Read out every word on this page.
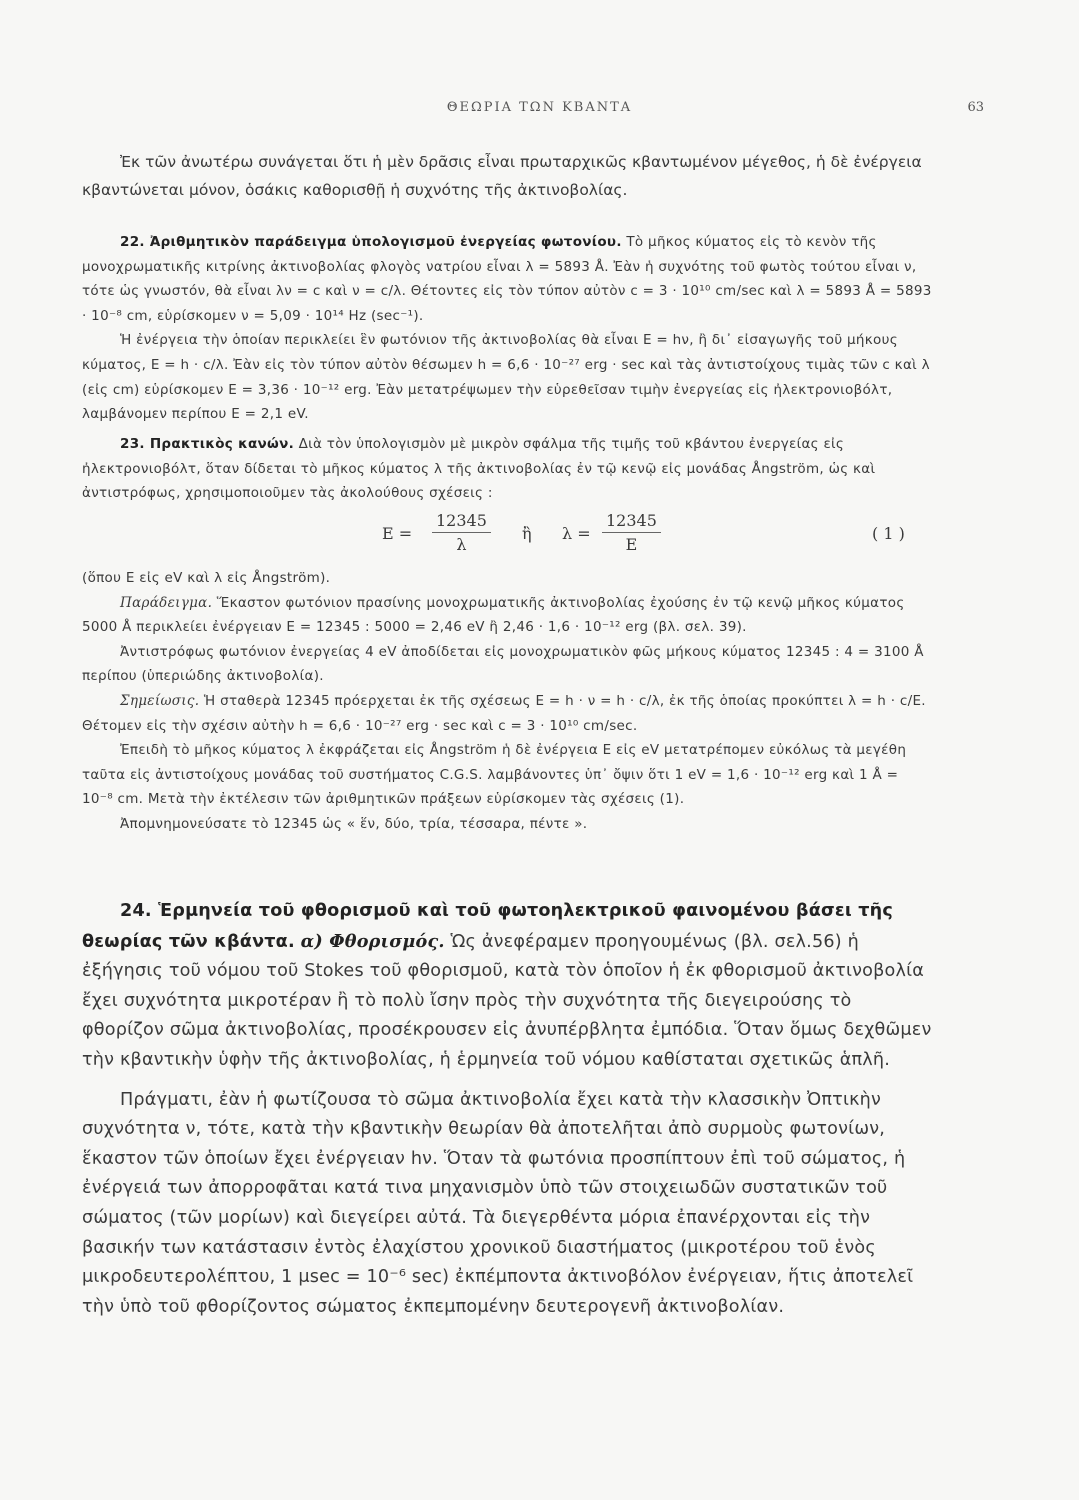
ΘΕΩΡΙΑ ΤΩΝ ΚΒΑΝΤΑ	63

Ἐκ τῶν ἀνωτέρω συνάγεται ὅτι ἡ μὲν δρᾶσις εἶναι πρωταρχικῶς κβαντωμένον μέγεθος, ἡ δὲ ἐνέργεια κβαντώνεται μόνον, ὁσάκις καθορισθῇ ἡ συχνότης τῆς ἀκτινοβολίας.

22. Ἀριθμητικὸν παράδειγμα ὑπολογισμοῦ ἐνεργείας φωτονίου. Τὸ μῆκος κύματος εἰς τὸ κενὸν τῆς μονοχρωματικῆς κιτρίνης ἀκτινοβολίας φλογὸς νατρίου εἶναι λ = 5893 Å. Ἐὰν ἡ συχνότης τοῦ φωτὸς τούτου εἶναι ν, τότε ὡς γνωστόν, θὰ εἶναι λν = c καὶ ν = c/λ. Θέτοντες εἰς τὸν τύπον αὐτὸν c = 3 · 10¹⁰ cm/sec καὶ λ = 5893 Å = 5893 · 10⁻⁸ cm, εὑρίσκομεν ν = 5,09 · 10¹⁴ Hz (sec⁻¹).

Ἡ ἐνέργεια τὴν ὁποίαν περικλείει ἓν φωτόνιον τῆς ἀκτινοβολίας θὰ εἶναι E = hν, ἢ δι᾿ εἰσαγωγῆς τοῦ μήκους κύματος, E = h · c/λ. Ἐὰν εἰς τὸν τύπον αὐτὸν θέσωμεν h = 6,6 · 10⁻²⁷ erg · sec καὶ τὰς ἀντιστοίχους τιμὰς τῶν c καὶ λ (εἰς cm) εὑρίσκομεν E = 3,36 · 10⁻¹² erg. Ἐὰν μετατρέψωμεν τὴν εὑρεθεῖσαν τιμὴν ἐνεργείας εἰς ἠλεκτρονιοβόλτ, λαμβάνομεν περίπου E = 2,1 eV.

23. Πρακτικὸς κανών. Διὰ τὸν ὑπολογισμὸν μὲ μικρὸν σφάλμα τῆς τιμῆς τοῦ κβάντου ἐνεργείας εἰς ἠλεκτρονιοβόλτ, ὅταν δίδεται τὸ μῆκος κύματος λ τῆς ἀκτινοβολίας ἐν τῷ κενῷ εἰς μονάδας Ångström, ὡς καὶ ἀντιστρόφως, χρησιμοποιοῦμεν τὰς ἀκολούθους σχέσεις :

$E = \frac{12345}{\lambda}$ ἢ $\lambda = \frac{12345}{E}$	( 1 )

(ὅπου E εἰς eV καὶ λ εἰς Ångström).

Παράδειγμα. Ἕκαστον φωτόνιον πρασίνης μονοχρωματικῆς ἀκτινοβολίας ἐχούσης ἐν τῷ κενῷ μῆκος κύματος 5000 Å περικλείει ἐνέργειαν E = 12345 : 5000 = 2,46 eV ἢ 2,46 · 1,6 · 10⁻¹² erg (βλ. σελ. 39).

Ἀντιστρόφως φωτόνιον ἐνεργείας 4 eV ἀποδίδεται εἰς μονοχρωματικὸν φῶς μήκους κύματος 12345 : 4 = 3100 Å περίπου (ὑπεριώδης ἀκτινοβολία).

Σημείωσις. Ἡ σταθερὰ 12345 πρόερχεται ἐκ τῆς σχέσεως E = h · ν = h · c/λ, ἐκ τῆς ὁποίας προκύπτει λ = h · c/E. Θέτομεν εἰς τὴν σχέσιν αὐτὴν h = 6,6 · 10⁻²⁷ erg · sec καὶ c = 3 · 10¹⁰ cm/sec.

Ἐπειδὴ τὸ μῆκος κύματος λ ἐκφράζεται εἰς Ångström ἡ δὲ ἐνέργεια E εἰς eV μετατρέπομεν εὐκόλως τὰ μεγέθη ταῦτα εἰς ἀντιστοίχους μονάδας τοῦ συστήματος C.G.S. λαμβάνοντες ὑπ᾿ ὄψιν ὅτι 1 eV = 1,6 · 10⁻¹² erg καὶ 1 Å = 10⁻⁸ cm. Μετὰ τὴν ἐκτέλεσιν τῶν ἀριθμητικῶν πράξεων εὑρίσκομεν τὰς σχέσεις (1).

Ἀπομνημονεύσατε τὸ 12345 ὡς « ἕν, δύο, τρία, τέσσαρα, πέντε ».

24. Ἑρμηνεία τοῦ φθορισμοῦ καὶ τοῦ φωτοηλεκτρικοῦ φαινομένου βάσει τῆς θεωρίας τῶν κβάντα. α) Φθορισμός. Ὡς ἀνεφέραμεν προηγουμένως (βλ. σελ.56) ἡ ἐξήγησις τοῦ νόμου τοῦ Stokes τοῦ φθορισμοῦ, κατὰ τὸν ὁποῖον ἡ ἐκ φθορισμοῦ ἀκτινοβολία ἔχει συχνότητα μικροτέραν ἢ τὸ πολὺ ἴσην πρὸς τὴν συχνότητα τῆς διεγειρούσης τὸ φθορίζον σῶμα ἀκτινοβολίας, προσέκρουσεν εἰς ἀνυπέρβλητα ἐμπόδια. Ὅταν ὅμως δεχθῶμεν τὴν κβαντικὴν ὑφὴν τῆς ἀκτινοβολίας, ἡ ἑρμηνεία τοῦ νόμου καθίσταται σχετικῶς ἁπλῆ.

Πράγματι, ἐὰν ἡ φωτίζουσα τὸ σῶμα ἀκτινοβολία ἔχει κατὰ τὴν κλασσικὴν Ὀπτικὴν συχνότητα ν, τότε, κατὰ τὴν κβαντικὴν θεωρίαν θὰ ἀποτελῆται ἀπὸ συρμοὺς φωτονίων, ἕκαστον τῶν ὁποίων ἔχει ἐνέργειαν hν. Ὅταν τὰ φωτόνια προσπίπτουν ἐπὶ τοῦ σώματος, ἡ ἐνέργειά των ἀπορροφᾶται κατά τινα μηχανισμὸν ὑπὸ τῶν στοιχειωδῶν συστατικῶν τοῦ σώματος (τῶν μορίων) καὶ διεγείρει αὐτά. Τὰ διεγερθέντα μόρια ἐπανέρχονται εἰς τὴν βασικήν των κατάστασιν ἐντὸς ἐλαχίστου χρονικοῦ διαστήματος (μικροτέρου τοῦ ἑνὸς μικροδευτερολέπτου, 1 μsec = 10⁻⁶ sec) ἐκπέμποντα ἀκτινοβόλον ἐνέργειαν, ἥτις ἀποτελεῖ τὴν ὑπὸ τοῦ φθορίζοντος σώματος ἐκπεμπομένην δευτερογενῆ ἀκτινοβολίαν.
